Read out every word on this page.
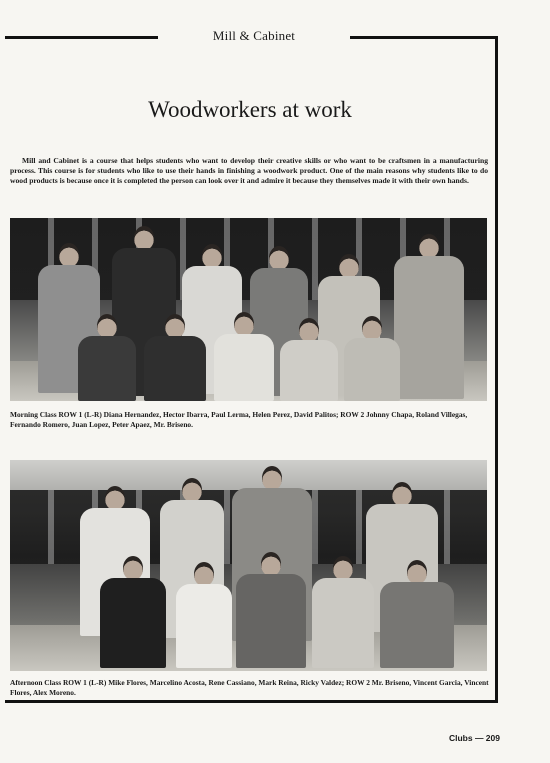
Mill & Cabinet
Woodworkers at work

Mill and Cabinet is a course that helps students who want to develop their creative skills or who want to be craftsmen in a manufacturing process. This course is for students who like to use their hands in finishing a woodwork product. One of the main reasons why students like to do wood products is because once it is completed the person can look over it and admire it because they themselves made it with their own hands.

Morning Class ROW 1 (L-R) Diana Hernandez, Hector Ibarra, Paul Lerma, Helen Perez, David Palitos; ROW 2 Johnny Chapa, Roland Villegas, Fernando Romero, Juan Lopez, Peter Apaez, Mr. Briseno.
Afternoon Class ROW 1 (L-R) Mike Flores, Marcelino Acosta, Rene Cassiano, Mark Reina, Ricky Valdez; ROW 2 Mr. Briseno, Vincent Garcia, Vincent Flores, Alex Moreno.
Clubs — 209
